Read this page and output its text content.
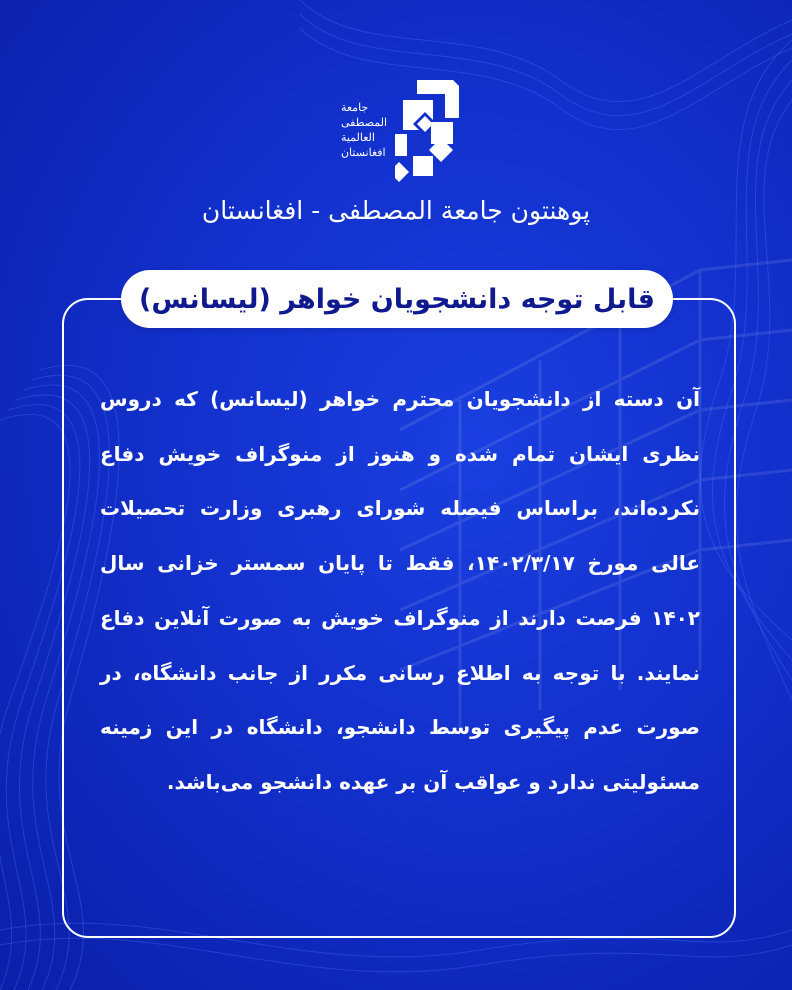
جامعة
المصطفى
العالمية
افغانستان
پوهنتون جامعة المصطفى - افغانستان
قابل توجه دانشجویان خواهر (لیسانس)
آن دسته از دانشجویان محترم خواهر (لیسانس) که دروس نظری ایشان تمام شده و هنوز از منوگراف خویش دفاع نکرده‌اند، براساس فیصله شورای رهبری وزارت تحصیلات عالی مورخ ۱۴۰۲/۳/۱۷، فقط تا پایان سمستر خزانی سال ۱۴۰۲ فرصت دارند از منوگراف خویش به صورت آنلاین دفاع نمایند. با توجه به اطلاع رسانی مکرر از جانب دانشگاه، در صورت عدم پیگیری توسط دانشجو، دانشگاه در این زمینه مسئولیتی ندارد و عواقب آن بر عهده دانشجو می‌باشد.
